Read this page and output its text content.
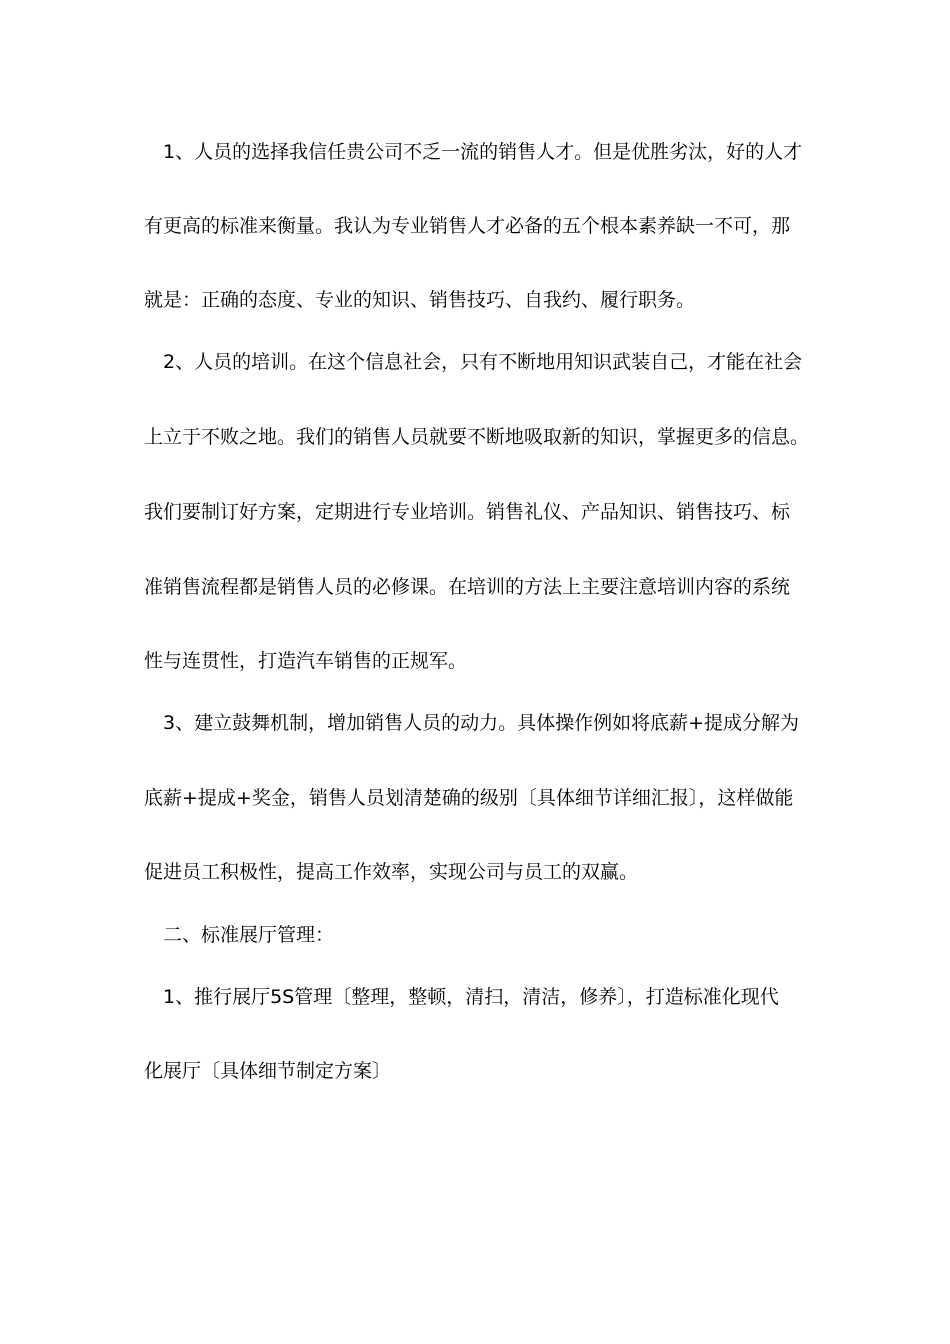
1、人员的选择我信任贵公司不乏一流的销售人才。但是优胜劣汰，好的人才
有更高的标准来衡量。我认为专业销售人才必备的五个根本素养缺一不可，那
就是：正确的态度、专业的知识、销售技巧、自我约、履行职务。
2、人员的培训。在这个信息社会，只有不断地用知识武装自己，才能在社会
上立于不败之地。我们的销售人员就要不断地吸取新的知识，掌握更多的信息。
我们要制订好方案，定期进行专业培训。销售礼仪、产品知识、销售技巧、标
准销售流程都是销售人员的必修课。在培训的方法上主要注意培训内容的系统
性与连贯性，打造汽车销售的正规军。
3、建立鼓舞机制，增加销售人员的动力。具体操作例如将底薪+提成分解为
底薪+提成+奖金，销售人员划清楚确的级别〔具体细节详细汇报〕，这样做能
促进员工积极性，提高工作效率，实现公司与员工的双赢。
二、标准展厅管理：
1、推行展厅5S管理〔整理，整顿，清扫，清洁，修养〕，打造标准化现代
化展厅〔具体细节制定方案〕
